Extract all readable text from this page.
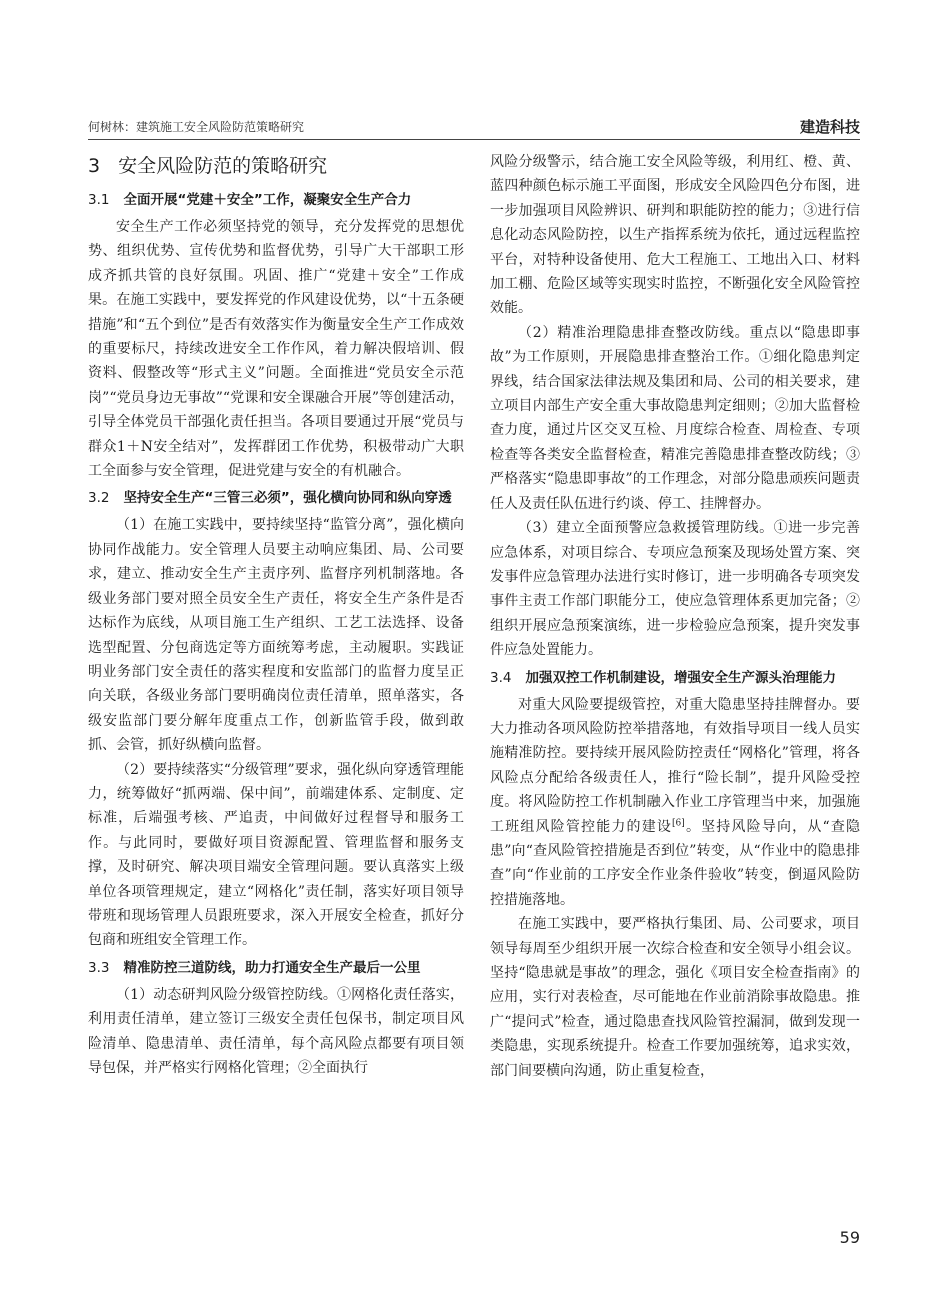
何树林：建筑施工安全风险防范策略研究	建造科技
3 安全风险防范的策略研究
3.1 全面开展“党建＋安全”工作，凝聚安全生产合力

安全生产工作必须坚持党的领导，充分发挥党的思想优势、组织优势、宣传优势和监督优势，引导广大干部职工形成齐抓共管的良好氛围。巩固、推广“党建＋安全”工作成果。在施工实践中，要发挥党的作风建设优势，以“十五条硬措施”和“五个到位”是否有效落实作为衡量安全生产工作成效的重要标尺，持续改进安全工作作风，着力解决假培训、假资料、假整改等“形式主义”问题。全面推进“党员安全示范岗”“党员身边无事故”“党课和安全课融合开展”等创建活动，引导全体党员干部强化责任担当。各项目要通过开展“党员与群众1＋N安全结对”，发挥群团工作优势，积极带动广大职工全面参与安全管理，促进党建与安全的有机融合。

3.2 坚持安全生产“三管三必须”，强化横向协同和纵向穿透

（1）在施工实践中，要持续坚持“监管分离”，强化横向协同作战能力。安全管理人员要主动响应集团、局、公司要求，建立、推动安全生产主责序列、监督序列机制落地。各级业务部门要对照全员安全生产责任，将安全生产条件是否达标作为底线，从项目施工生产组织、工艺工法选择、设备选型配置、分包商选定等方面统筹考虑，主动履职。实践证明业务部门安全责任的落实程度和安监部门的监督力度呈正向关联，各级业务部门要明确岗位责任清单，照单落实，各级安监部门要分解年度重点工作，创新监管手段，做到敢抓、会管，抓好纵横向监督。

（2）要持续落实“分级管理”要求，强化纵向穿透管理能力，统筹做好“抓两端、保中间”，前端建体系、定制度、定标准，后端强考核、严追责，中间做好过程督导和服务工作。与此同时，要做好项目资源配置、管理监督和服务支撑，及时研究、解决项目端安全管理问题。要认真落实上级单位各项管理规定，建立“网格化”责任制，落实好项目领导带班和现场管理人员跟班要求，深入开展安全检查，抓好分包商和班组安全管理工作。

3.3 精准防控三道防线，助力打通安全生产最后一公里

（1）动态研判风险分级管控防线。①网格化责任落实，利用责任清单，建立签订三级安全责任包保书，制定项目风险清单、隐患清单、责任清单，每个高风险点都要有项目领导包保，并严格实行网格化管理；②全面执行

风险分级警示，结合施工安全风险等级，利用红、橙、黄、蓝四种颜色标示施工平面图，形成安全风险四色分布图，进一步加强项目风险辨识、研判和职能防控的能力；③进行信息化动态风险防控，以生产指挥系统为依托，通过远程监控平台，对特种设备使用、危大工程施工、工地出入口、材料加工棚、危险区域等实现实时监控，不断强化安全风险管控效能。

（2）精准治理隐患排查整改防线。重点以“隐患即事故”为工作原则，开展隐患排查整治工作。①细化隐患判定界线，结合国家法律法规及集团和局、公司的相关要求，建立项目内部生产安全重大事故隐患判定细则；②加大监督检查力度，通过片区交叉互检、月度综合检查、周检查、专项检查等各类安全监督检查，精准完善隐患排查整改防线；③严格落实“隐患即事故”的工作理念，对部分隐患顽疾问题责任人及责任队伍进行约谈、停工、挂牌督办。

（3）建立全面预警应急救援管理防线。①进一步完善应急体系，对项目综合、专项应急预案及现场处置方案、突发事件应急管理办法进行实时修订，进一步明确各专项突发事件主责工作部门职能分工，使应急管理体系更加完备；②组织开展应急预案演练，进一步检验应急预案，提升突发事件应急处置能力。

3.4 加强双控工作机制建设，增强安全生产源头治理能力

对重大风险要提级管控，对重大隐患坚持挂牌督办。要大力推动各项风险防控举措落地，有效指导项目一线人员实施精准防控。要持续开展风险防控责任“网格化”管理，将各风险点分配给各级责任人，推行“险长制”，提升风险受控度。将风险防控工作机制融入作业工序管理当中来，加强施工班组风险管控能力的建设[6]。坚持风险导向，从“查隐患”向“查风险管控措施是否到位”转变，从“作业中的隐患排查”向“作业前的工序安全作业条件验收”转变，倒逼风险防控措施落地。

在施工实践中，要严格执行集团、局、公司要求，项目领导每周至少组织开展一次综合检查和安全领导小组会议。坚持“隐患就是事故”的理念，强化《项目安全检查指南》的应用，实行对表检查，尽可能地在作业前消除事故隐患。推广“提问式”检查，通过隐患查找风险管控漏洞，做到发现一类隐患，实现系统提升。检查工作要加强统筹，追求实效，部门间要横向沟通，防止重复检查，

59
